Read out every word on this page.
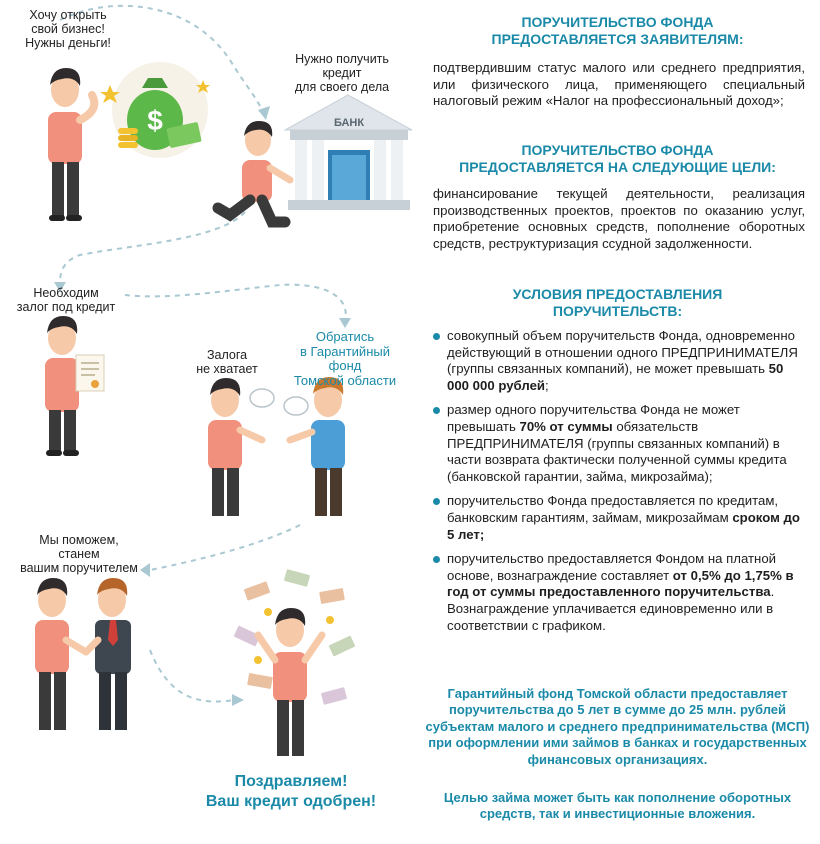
$
Хочу открыть
свой бизнес!
Нужны деньги!
Нужно получить
кредит
для своего дела
БАНК
Необходим
залог под кредит
Залога
не хватает
Обратись
в Гарантийный
фонд
Томской области
Мы поможем,
станем
вашим поручителем
Поздравляем!
Ваш кредит одобрен!
ПОРУЧИТЕЛЬСТВО ФОНДА
ПРЕДОСТАВЛЯЕТСЯ ЗАЯВИТЕЛЯМ:
подтвердившим статус малого или среднего предприятия, или физического лица, применяющего специальный налоговый режим «Налог на профессиональный доход»;
ПОРУЧИТЕЛЬСТВО ФОНДА
ПРЕДОСТАВЛЯЕТСЯ НА СЛЕДУЮЩИЕ ЦЕЛИ:
финансирование текущей деятельности, реализация производственных проектов, проектов по оказанию услуг, приобретение основных средств, пополнение оборотных средств, реструктуризация ссудной задолженности.
УСЛОВИЯ ПРЕДОСТАВЛЕНИЯ
ПОРУЧИТЕЛЬСТВ:
совокупный объем поручительств Фонда, одновременно действующий в отношении одного ПРЕДПРИНИМАТЕЛЯ (группы связанных компаний), не может превышать 50 000 000 рублей;
размер одного поручительства Фонда не может превышать 70% от суммы обязательств ПРЕДПРИНИМАТЕЛЯ (группы связанных компаний) в части возврата фактически полученной суммы кредита (банковской гарантии, займа, микрозайма);
поручительство Фонда предоставляется по кредитам, банковским гарантиям, займам, микрозаймам сроком до 5 лет;
поручительство предоставляется Фондом на платной основе, вознаграждение составляет от 0,5% до 1,75% в год от суммы предоставленного поручительства. Вознаграждение уплачивается единовременно или в соответствии с графиком.
Гарантийный фонд Томской области предоставляет поручительства до 5 лет в сумме до 25 млн. рублей субъектам малого и среднего предпринимательства (МСП) при оформлении ими займов в банках и государственных финансовых организациях.
Целью займа может быть как пополнение оборотных средств, так и инвестиционные вложения.
